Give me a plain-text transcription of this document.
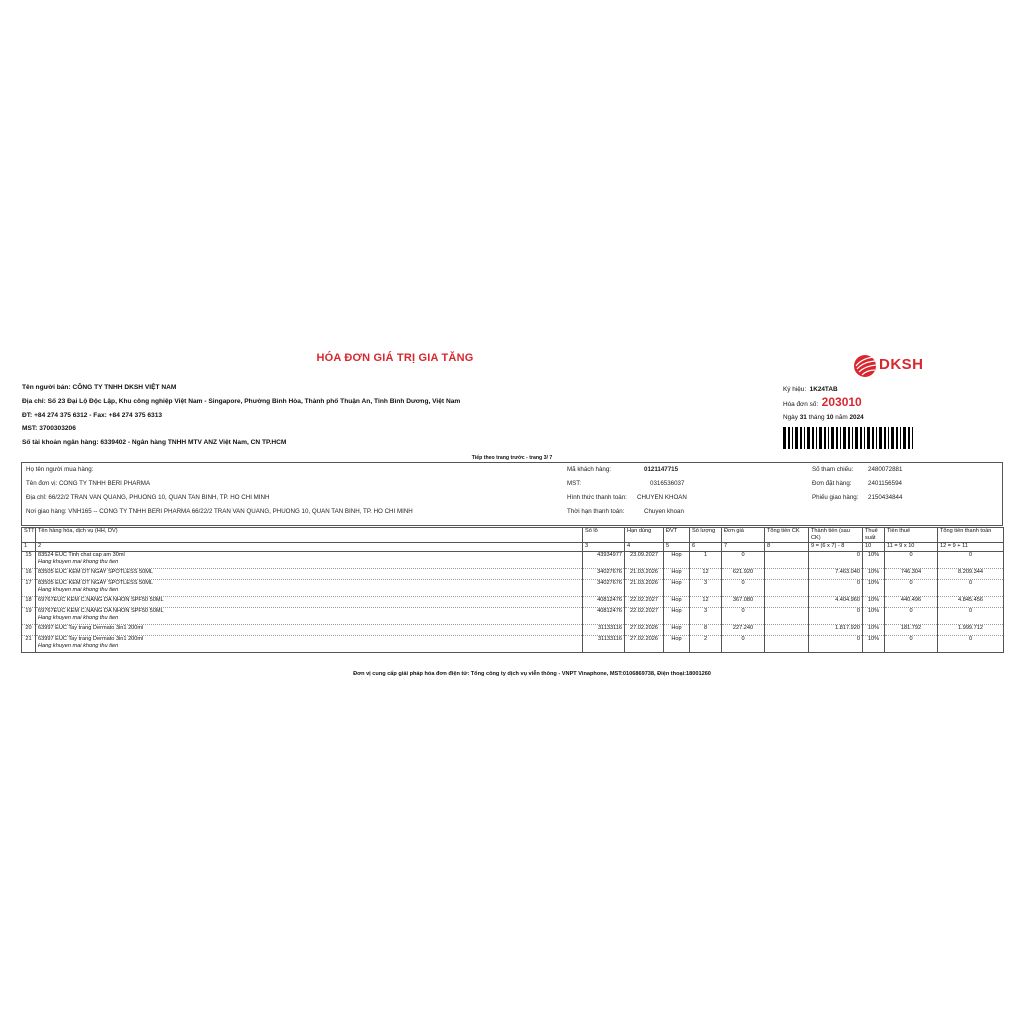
HÓA ĐƠN GIÁ TRỊ GIA TĂNG	DKSH
Tên người bán: CÔNG TY TNHH DKSH VIỆT NAM
Địa chỉ: Số 23 Đại Lộ Độc Lập, Khu công nghiệp Việt Nam - Singapore, Phường Bình Hòa, Thành phố Thuận An, Tỉnh Bình Dương, Việt Nam
ĐT: +84 274 375 6312 - Fax: +84 274 375 6313
MST: 3700303206
Số tài khoản ngân hàng: 6339402 - Ngân hàng TNHH MTV ANZ Việt Nam, CN TP.HCM
Ký hiệu: 1K24TAB
Hóa đơn số: 203010
Ngày 31 tháng 10 năm 2024
Tiếp theo trang trước - trang 3/ 7
Họ tên người mua hàng:
Tên đơn vị: CONG TY TNHH BERI PHARMA
Địa chỉ: 66/22/2 TRAN VAN QUANG, PHUONG 10, QUAN TAN BINH, TP. HO CHI MINH
Nơi giao hàng: VNH165 -- CONG TY TNHH BERI PHARMA 66/22/2 TRAN VAN QUANG, PHUONG 10, QUAN TAN BINH, TP. HO CHI MINH
Mã khách hàng:	0121147715
MST:	0316536037
Hình thức thanh toán: CHUYEN KHOAN
Thời hạn thanh toán:	Chuyen khoan
Số tham chiếu: 2480072881
Đơn đặt hàng:	2401156594
Phiếu giao hàng: 2150434844
STT	Tên hàng hóa, dịch vụ (HH, DV)	Số lô	Hạn dùng	ĐVT	Số lượng	Đơn giá	Tổng tiền CK	Thành tiền (sau CK)	Thuế suất	Tiền thuế	Tổng tiền thanh toán
1	2	3	4	5	6	7	8	9 = (6 x 7) - 8	10	11 = 9 x 10	12 = 9 + 11
15	83524 EUC Tinh chat cap am 30ml
Hang khuyen mai khong thu tien	43934977	23.09.2027	Hop	1	0		0	10%	0	0
16	83505 EUC KEM DT NGAY SPOTLESS 50ML	34027676	21.03.2026	Hop	12	621.920		7.463.040	10%	746.304	8.209.344
17	83505 EUC KEM DT NGAY SPOTLESS 50ML
Hang khuyen mai khong thu tien	34027676	21.03.2026	Hop	3	0		0	10%	0	0
18	69767EUC KEM C.NANG DA NHON SPF50 50ML	40812476	22.02.2027	Hop	12	367.080		4.404.960	10%	440.496	4.845.456
19	69767EUC KEM C.NANG DA NHON SPF50 50ML
Hang khuyen mai khong thu tien	40812476	22.02.2027	Hop	3	0		0	10%	0	0
20	63997 EUC Tay trang Dermato 3in1 200ml	31133116	27.02.2026	Hop	8	227.240		1.817.920	10%	181.792	1.999.712
21	63997 EUC Tay trang Dermato 3in1 200ml
Hang khuyen mai khong thu tien	31133116	27.02.2026	Hop	2	0		0	10%	0	0
Đơn vị cung cấp giải pháp hóa đơn điện tử: Tổng công ty dịch vụ viễn thông - VNPT Vinaphone, MST:0106869738, Điện thoại:18001260
